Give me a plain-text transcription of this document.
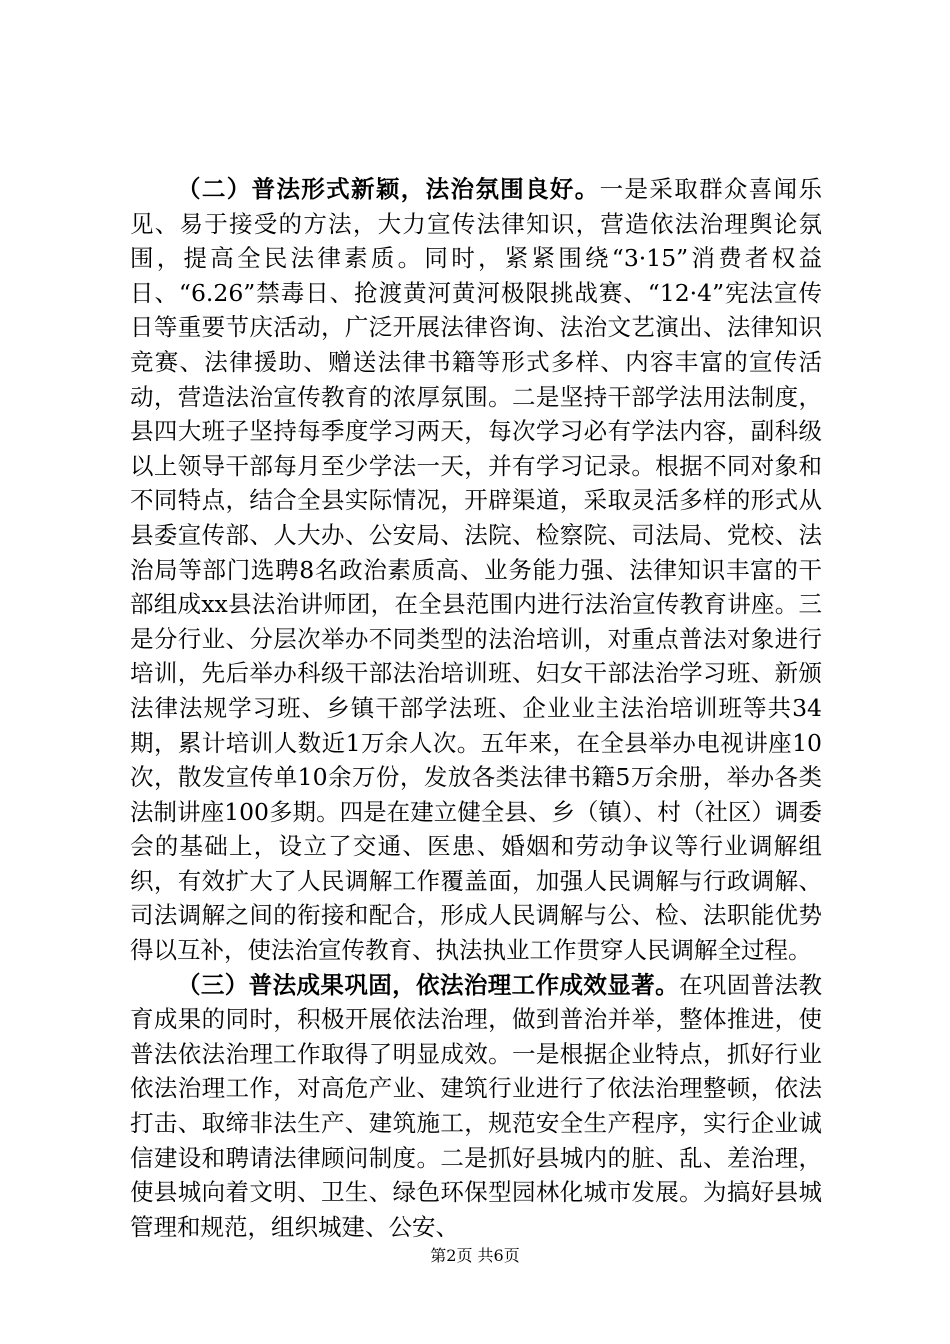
（二）普法形式新颖，法治氛围良好。一是采取群众喜闻乐见、易于接受的方法，大力宣传法律知识，营造依法治理舆论氛围，提高全民法律素质。同时，紧紧围绕“3·15”消费者权益日、“6.26”禁毒日、抢渡黄河黄河极限挑战赛、“12·4”宪法宣传日等重要节庆活动，广泛开展法律咨询、法治文艺演出、法律知识竞赛、法律援助、赠送法律书籍等形式多样、内容丰富的宣传活动，营造法治宣传教育的浓厚氛围。二是坚持干部学法用法制度，县四大班子坚持每季度学习两天，每次学习必有学法内容，副科级以上领导干部每月至少学法一天，并有学习记录。根据不同对象和不同特点，结合全县实际情况，开辟渠道，采取灵活多样的形式从县委宣传部、人大办、公安局、法院、检察院、司法局、党校、法治局等部门选聘8名政治素质高、业务能力强、法律知识丰富的干部组成xx县法治讲师团，在全县范围内进行法治宣传教育讲座。三是分行业、分层次举办不同类型的法治培训，对重点普法对象进行培训，先后举办科级干部法治培训班、妇女干部法治学习班、新颁法律法规学习班、乡镇干部学法班、企业业主法治培训班等共34期，累计培训人数近1万余人次。五年来，在全县举办电视讲座10次，散发宣传单10余万份，发放各类法律书籍5万余册，举办各类法制讲座100多期。四是在建立健全县、乡（镇）、村（社区）调委会的基础上，设立了交通、医患、婚姻和劳动争议等行业调解组织，有效扩大了人民调解工作覆盖面，加强人民调解与行政调解、司法调解之间的衔接和配合，形成人民调解与公、检、法职能优势得以互补，使法治宣传教育、执法执业工作贯穿人民调解全过程。

（三）普法成果巩固，依法治理工作成效显著。在巩固普法教育成果的同时，积极开展依法治理，做到普治并举，整体推进，使普法依法治理工作取得了明显成效。一是根据企业特点，抓好行业依法治理工作，对高危产业、建筑行业进行了依法治理整顿，依法打击、取缔非法生产、建筑施工，规范安全生产程序，实行企业诚信建设和聘请法律顾问制度。二是抓好县城内的脏、乱、差治理，使县城向着文明、卫生、绿色环保型园林化城市发展。为搞好县城管理和规范，组织城建、公安、

第2页 共6页
